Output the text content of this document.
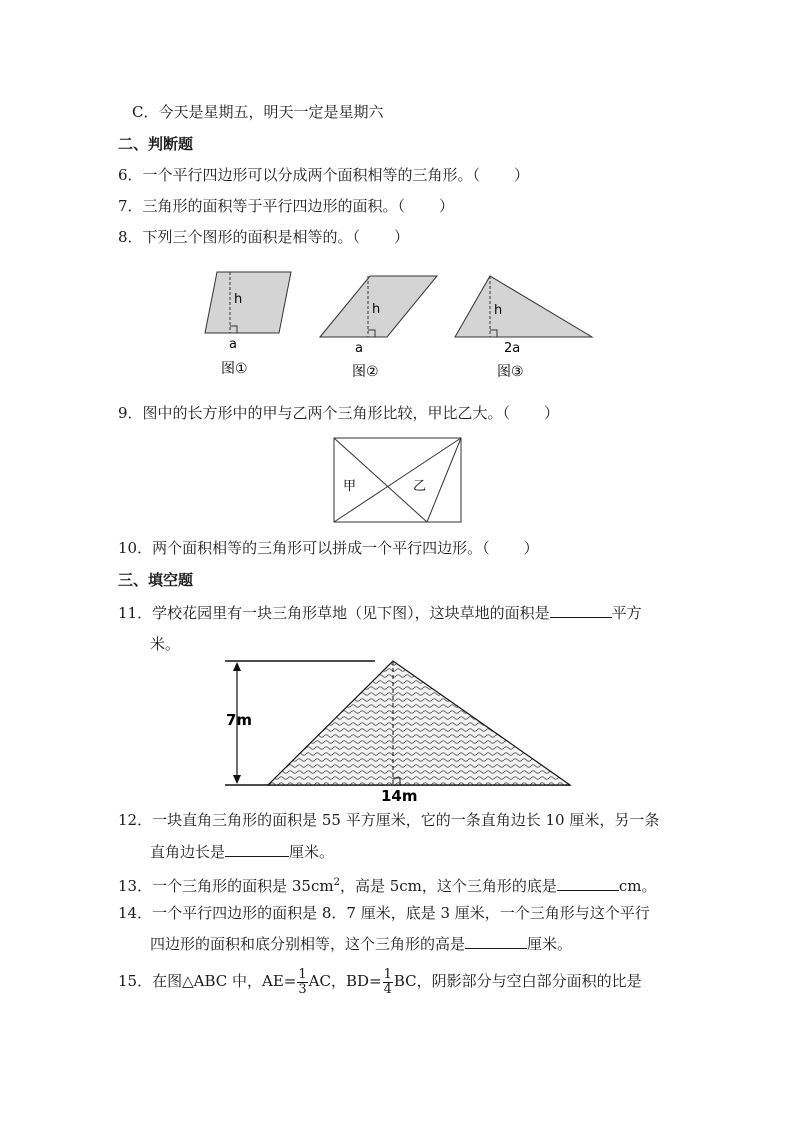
C．今天是星期五，明天一定是星期六
二、判断题
6．一个平行四边形可以分成两个面积相等的三角形。（ ）
7．三角形的面积等于平行四边形的面积。（ ）
8．下列三个图形的面积是相等的。（ ）
h
a
图①
h
a
图②
h
2a
图③
9．图中的长方形中的甲与乙两个三角形比较，甲比乙大。（ ）
甲	乙
10．两个面积相等的三角形可以拼成一个平行四边形。（ ）
三、填空题
11．学校花园里有一块三角形草地（见下图），这块草地的面积是	平方
米。
7m
14m
12．一块直角三角形的面积是 55 平方厘米，它的一条直角边长 10 厘米，另一条
直角边长是	厘米。
13．一个三角形的面积是 $35cm^2$，高是 5cm，这个三角形的底是	cm。
14．一个平行四边形的面积是 8．7 厘米，底是 3 厘米，一个三角形与这个平行
四边形的面积和底分别相等，这个三角形的高是	厘米。
15．在图△ABC 中，$AE= \frac{1}{3}$ AC，$BD= \frac{1}{4}$ BC，阴影部分与空白部分面积的比是
